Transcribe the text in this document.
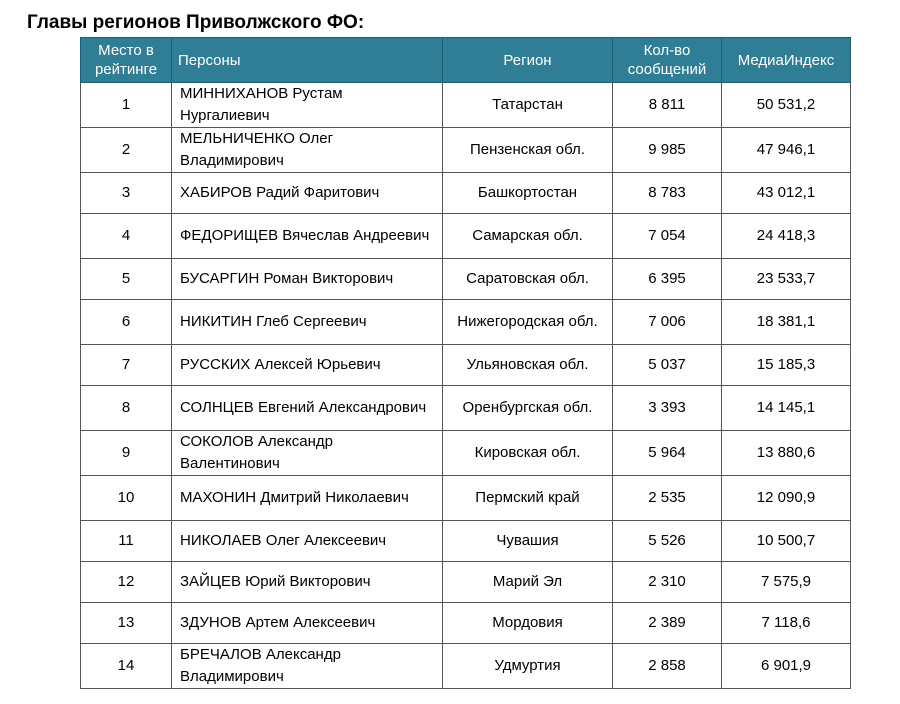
Главы регионов Приволжского ФО:
Место в рейтинге	Персоны	Регион	Кол-во сообщений	МедиаИндекс
1	МИННИХАНОВ Рустам Нургалиевич	Татарстан	8 811	50 531,2
2	МЕЛЬНИЧЕНКО Олег Владимирович	Пензенская обл.	9 985	47 946,1
3	ХАБИРОВ Радий Фаритович	Башкортостан	8 783	43 012,1
4	ФЕДОРИЩЕВ Вячеслав Андреевич	Самарская обл.	7 054	24 418,3
5	БУСАРГИН Роман Викторович	Саратовская обл.	6 395	23 533,7
6	НИКИТИН Глеб Сергеевич	Нижегородская обл.	7 006	18 381,1
7	РУССКИХ Алексей Юрьевич	Ульяновская обл.	5 037	15 185,3
8	СОЛНЦЕВ Евгений Александрович	Оренбургская обл.	3 393	14 145,1
9	СОКОЛОВ Александр Валентинович	Кировская обл.	5 964	13 880,6
10	МАХОНИН Дмитрий Николаевич	Пермский край	2 535	12 090,9
11	НИКОЛАЕВ Олег Алексеевич	Чувашия	5 526	10 500,7
12	ЗАЙЦЕВ Юрий Викторович	Марий Эл	2 310	7 575,9
13	ЗДУНОВ Артем Алексеевич	Мордовия	2 389	7 118,6
14	БРЕЧАЛОВ Александр Владимирович	Удмуртия	2 858	6 901,9
